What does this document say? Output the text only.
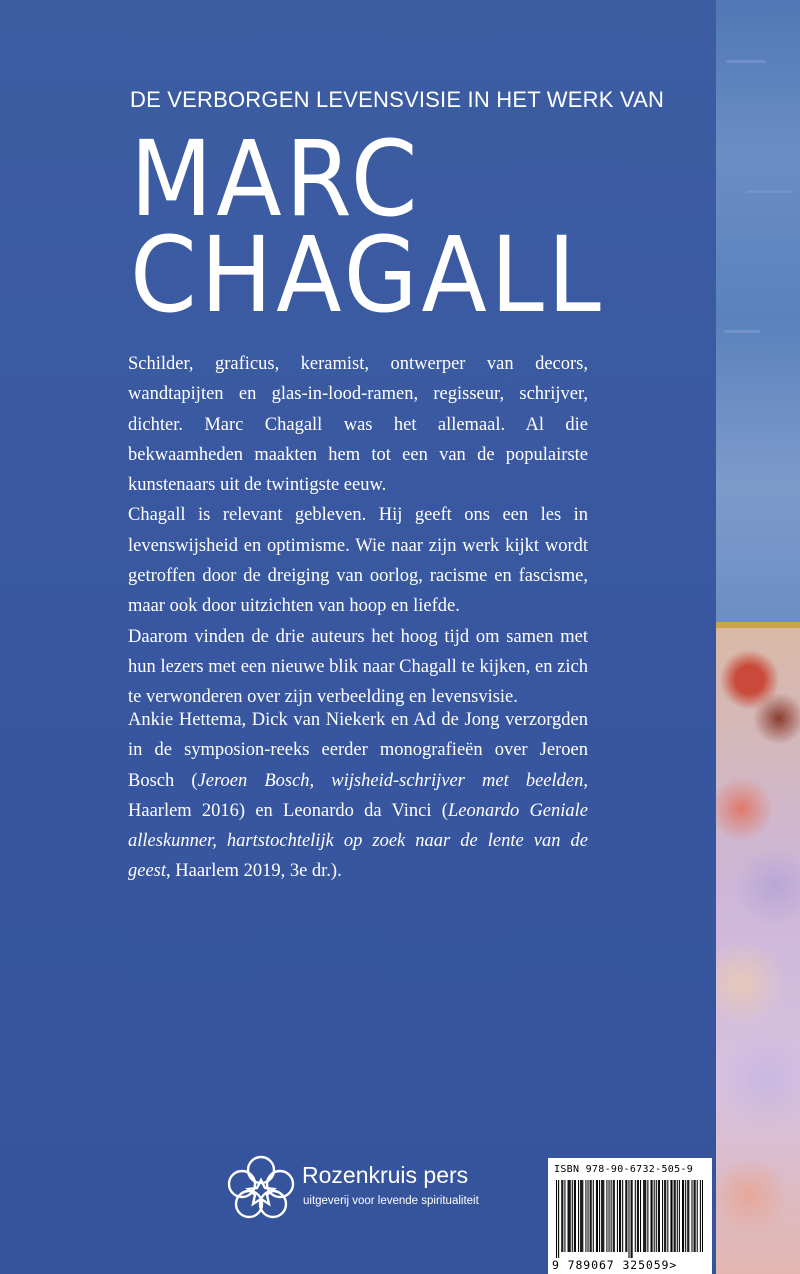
DE VERBORGEN LEVENSVISIE IN HET WERK VAN
MARC
CHAGALL

Schilder, graficus, keramist, ontwerper van decors, wandtapijten en glas-in-lood-ramen, regisseur, schrijver, dichter. Marc Chagall was het allemaal. Al die bekwaamheden maakten hem tot een van de populairste kunstenaars uit de twintigste eeuw.

Chagall is relevant gebleven. Hij geeft ons een les in levenswijsheid en optimisme. Wie naar zijn werk kijkt wordt getroffen door de dreiging van oorlog, racisme en fascisme, maar ook door uitzichten van hoop en liefde.

Daarom vinden de drie auteurs het hoog tijd om samen met hun lezers met een nieuwe blik naar Chagall te kijken, en zich te verwonderen over zijn verbeelding en levensvisie.

Ankie Hettema, Dick van Niekerk en Ad de Jong verzorgden in de symposion-reeks eerder monografieën over Jeroen Bosch (Jeroen Bosch, wijsheid-schrijver met beelden, Haarlem 2016) en Leonardo da Vinci (Leonardo Geniale alleskunner, hartstochtelijk op zoek naar de lente van de geest, Haarlem 2019, 3e dr.).

Rozenkruis pers
uitgeverij voor levende spiritualiteit
ISBN 978-90-6732-505-9
9 789067 325059>
